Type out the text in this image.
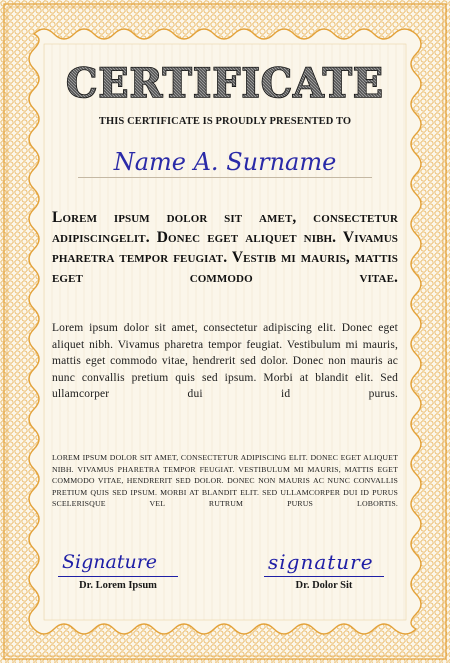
CERTIFICATE
THIS CERTIFICATE IS PROUDLY PRESENTED TO
Name A. Surname
Lorem ipsum dolor sit amet, consectetur adipiscingelit. Donec eget aliquet nibh. Vivamus pharetra tempor feugiat. Vestib mi mauris, mattis eget commodo vitae.
Lorem ipsum dolor sit amet, consectetur adipiscing elit. Donec eget aliquet nibh. Vivamus pharetra tempor feugiat. Vestibulum mi mauris, mattis eget commodo vitae, hendrerit sed dolor. Donec non mauris ac nunc convallis pretium quis sed ipsum. Morbi at blandit elit. Sed ullamcorper dui id purus.
LOREM IPSUM DOLOR SIT AMET, CONSECTETUR ADIPISCING ELIT. DONEC EGET ALIQUET NIBH. VIVAMUS PHARETRA TEMPOR FEUGIAT. VESTIBULUM MI MAURIS, MATTIS EGET COMMODO VITAE, HENDRERIT SED DOLOR. DONEC NON MAURIS AC NUNC CONVALLIS PRETIUM QUIS SED IPSUM. MORBI AT BLANDIT ELIT. SED ULLAMCORPER DUI ID PURUS SCELERISQUE VEL RUTRUM PURUS LOBORTIS.
Signature
Dr. Lorem Ipsum
signature
Dr. Dolor Sit
